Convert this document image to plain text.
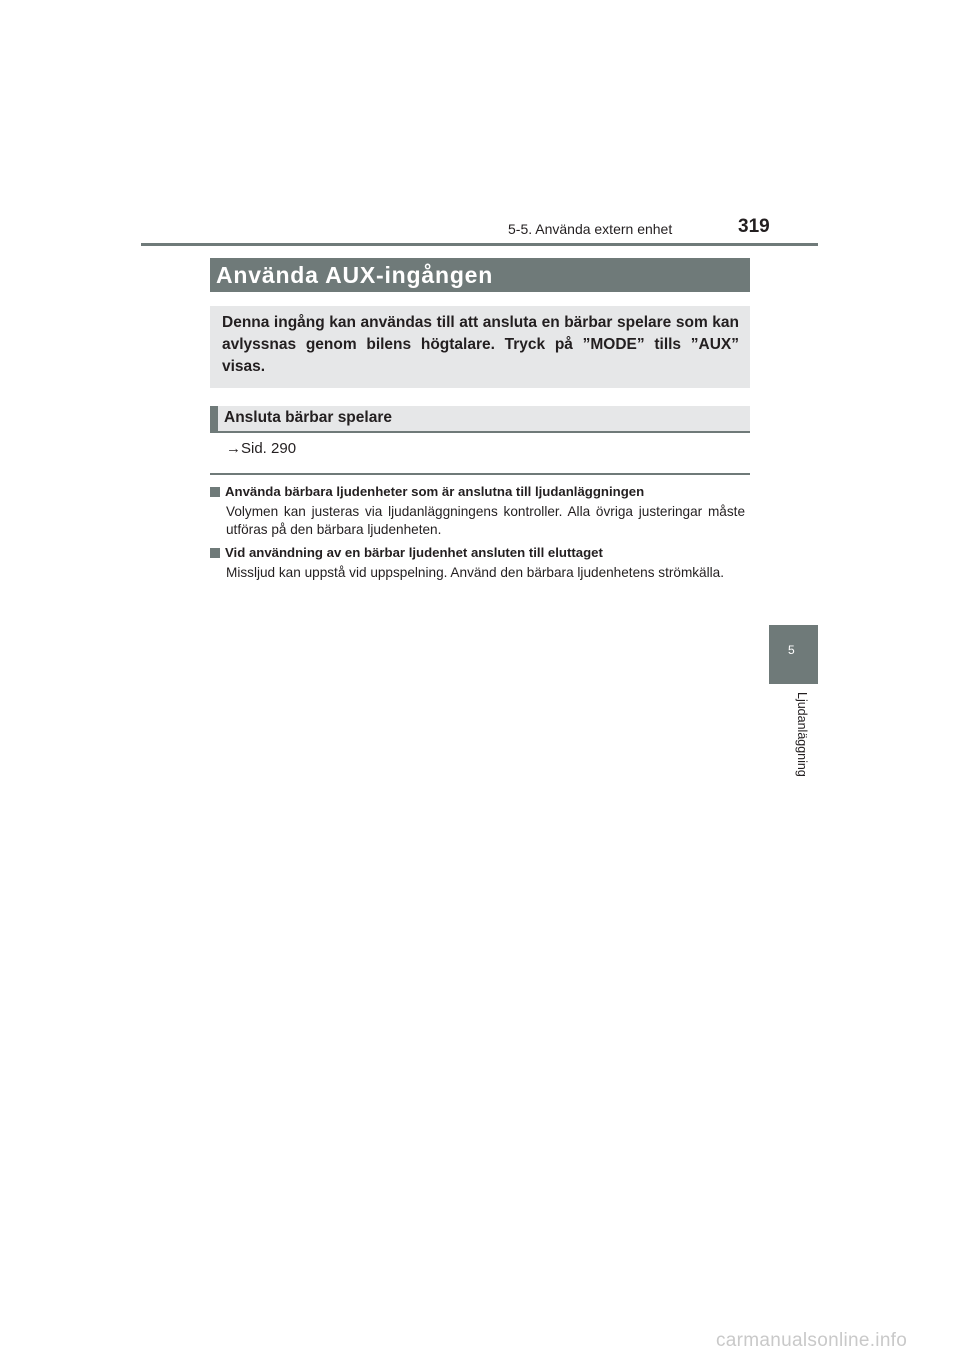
5-5. Använda extern enhet	319
Använda AUX-ingången
Denna ingång kan användas till att ansluta en bärbar spelare som kan avlyssnas genom bilens högtalare. Tryck på ”MODE” tills ”AUX” visas.
Ansluta bärbar spelare
→Sid. 290
Använda bärbara ljudenheter som är anslutna till ljudanläggningen
Volymen kan justeras via ljudanläggningens kontroller. Alla övriga justeringar måste utföras på den bärbara ljudenheten.
Vid användning av en bärbar ljudenhet ansluten till eluttaget
Missljud kan uppstå vid uppspelning. Använd den bärbara ljudenhetens strömkälla.
5
Ljudanläggning
carmanualsonline.info
